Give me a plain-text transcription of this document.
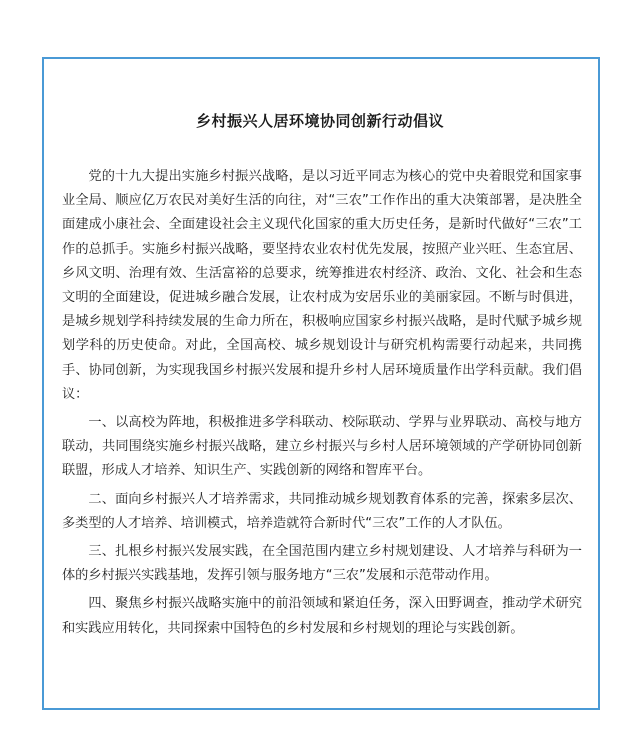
乡村振兴人居环境协同创新行动倡议

党的十九大提出实施乡村振兴战略，是以习近平同志为核心的党中央着眼党和国家事业全局、顺应亿万农民对美好生活的向往，对“三农”工作作出的重大决策部署，是决胜全面建成小康社会、全面建设社会主义现代化国家的重大历史任务，是新时代做好“三农”工作的总抓手。实施乡村振兴战略，要坚持农业农村优先发展，按照产业兴旺、生态宜居、乡风文明、治理有效、生活富裕的总要求，统筹推进农村经济、政治、文化、社会和生态文明的全面建设，促进城乡融合发展，让农村成为安居乐业的美丽家园。不断与时俱进，是城乡规划学科持续发展的生命力所在，积极响应国家乡村振兴战略，是时代赋予城乡规划学科的历史使命。对此，全国高校、城乡规划设计与研究机构需要行动起来，共同携手、协同创新，为实现我国乡村振兴发展和提升乡村人居环境质量作出学科贡献。我们倡议：

一、以高校为阵地，积极推进多学科联动、校际联动、学界与业界联动、高校与地方联动，共同围绕实施乡村振兴战略，建立乡村振兴与乡村人居环境领域的产学研协同创新联盟，形成人才培养、知识生产、实践创新的网络和智库平台。

二、面向乡村振兴人才培养需求，共同推动城乡规划教育体系的完善，探索多层次、多类型的人才培养、培训模式，培养造就符合新时代“三农”工作的人才队伍。

三、扎根乡村振兴发展实践，在全国范围内建立乡村规划建设、人才培养与科研为一体的乡村振兴实践基地，发挥引领与服务地方“三农”发展和示范带动作用。

四、聚焦乡村振兴战略实施中的前沿领域和紧迫任务，深入田野调查，推动学术研究和实践应用转化，共同探索中国特色的乡村发展和乡村规划的理论与实践创新。
